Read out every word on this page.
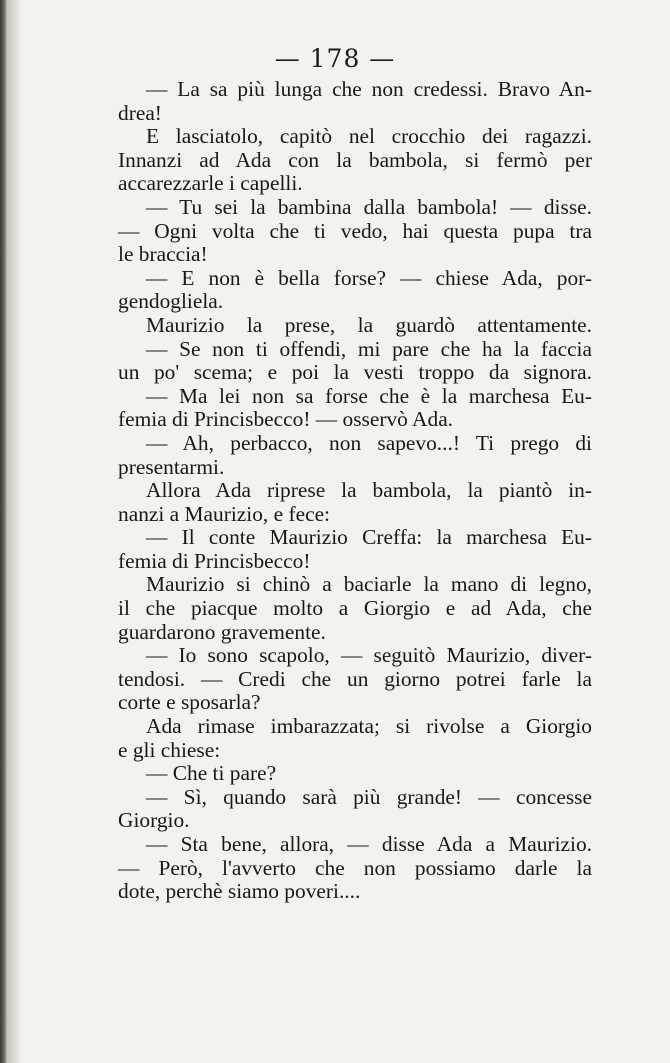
— 178 —
— La sa più lunga che non credessi. Bravo An-
drea!
E lasciatolo, capitò nel crocchio dei ragazzi.
Innanzi ad Ada con la bambola, si fermò per
accarezzarle i capelli.
— Tu sei la bambina dalla bambola! — disse.
— Ogni volta che ti vedo, hai questa pupa tra
le braccia!
— E non è bella forse? — chiese Ada, por-
gendogliela.
Maurizio la prese, la guardò attentamente.
— Se non ti offendi, mi pare che ha la faccia
un po' scema; e poi la vesti troppo da signora.
— Ma lei non sa forse che è la marchesa Eu-
femia di Princisbecco! — osservò Ada.
— Ah, perbacco, non sapevo...! Ti prego di
presentarmi.
Allora Ada riprese la bambola, la piantò in-
nanzi a Maurizio, e fece:
— Il conte Maurizio Creffa: la marchesa Eu-
femia di Princisbecco!
Maurizio si chinò a baciarle la mano di legno,
il che piacque molto a Giorgio e ad Ada, che
guardarono gravemente.
— Io sono scapolo, — seguitò Maurizio, diver-
tendosi. — Credi che un giorno potrei farle la
corte e sposarla?
Ada rimase imbarazzata; si rivolse a Giorgio
e gli chiese:
— Che ti pare?
— Sì, quando sarà più grande! — concesse
Giorgio.
— Sta bene, allora, — disse Ada a Maurizio.
— Però, l'avverto che non possiamo darle la
dote, perchè siamo poveri....
